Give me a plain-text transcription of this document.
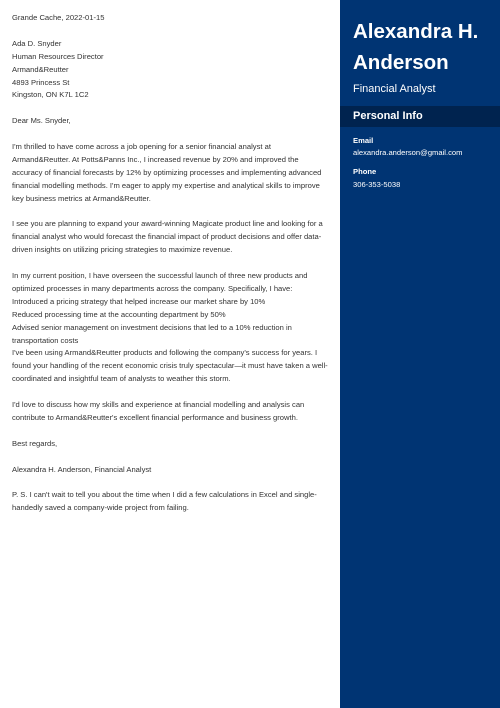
Grande Cache, 2022-01-15

Ada D. Snyder

Human Resources Director

Armand&Reutter

4893 Princess St

Kingston, ON K7L 1C2

Dear Ms. Snyder,

I'm thrilled to have come across a job opening for a senior financial analyst at

Armand&Reutter. At Potts&Panns Inc., I increased revenue by 20% and improved the

accuracy of financial forecasts by 12% by optimizing processes and implementing advanced

financial modelling methods. I'm eager to apply my expertise and analytical skills to improve

key business metrics at Armand&Reutter.

I see you are planning to expand your award-winning Magicate product line and looking for a

financial analyst who would forecast the financial impact of product decisions and offer data-

driven insights on utilizing pricing strategies to maximize revenue.

In my current position, I have overseen the successful launch of three new products and

optimized processes in many departments across the company. Specifically, I have:

Introduced a pricing strategy that helped increase our market share by 10%

Reduced processing time at the accounting department by 50%

Advised senior management on investment decisions that led to a 10% reduction in

transportation costs

I've been using Armand&Reutter products and following the company's success for years. I

found your handling of the recent economic crisis truly spectacular—it must have taken a well-

coordinated and insightful team of analysts to weather this storm.

I'd love to discuss how my skills and experience at financial modelling and analysis can

contribute to Armand&Reutter's excellent financial performance and business growth.

Best regards,

Alexandra H. Anderson, Financial Analyst

P. S. I can't wait to tell you about the time when I did a few calculations in Excel and single-

handedly saved a company-wide project from failing.

Alexandra H.
Anderson
Financial Analyst
Personal Info
Email
alexandra.anderson@gmail.com
Phone
306-353-5038
